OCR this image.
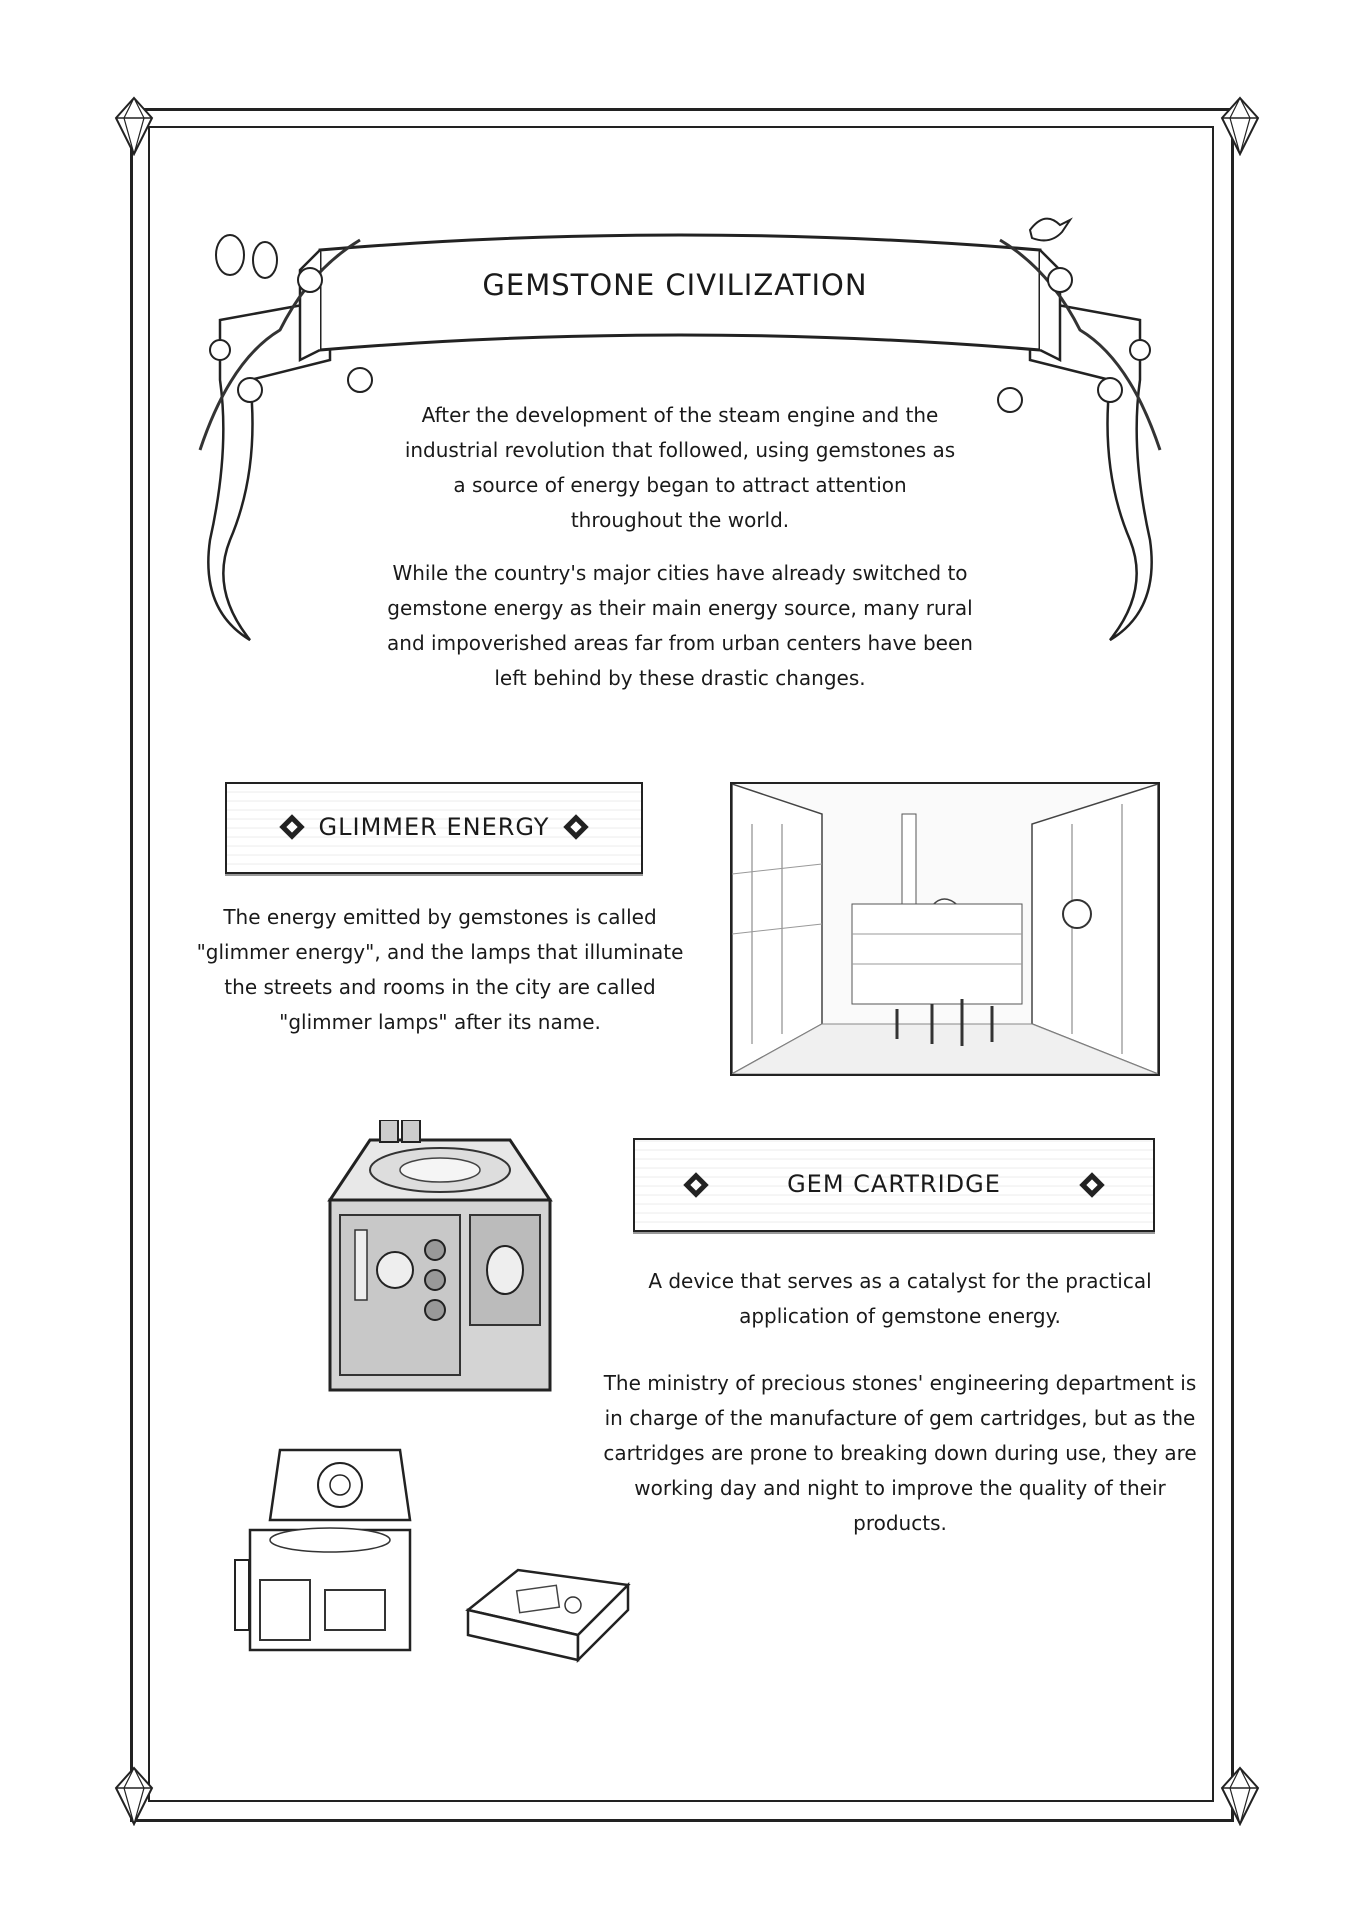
GEMSTONE CIVILIZATION

After the development of the steam engine and the industrial revolution that followed, using gemstones as a source of energy began to attract attention throughout the world.

While the country's major cities have already switched to gemstone energy as their main energy source, many rural and impoverished areas far from urban centers have been left behind by these drastic changes.

GLIMMER ENERGY

The energy emitted by gemstones is called "glimmer energy", and the lamps that illuminate the streets and rooms in the city are called "glimmer lamps" after its name.

GEM CARTRIDGE

A device that serves as a catalyst for the practical application of gemstone energy.

The ministry of precious stones' engineering department is in charge of the manufacture of gem cartridges, but as the cartridges are prone to breaking down during use, they are working day and night to improve the quality of their products.
